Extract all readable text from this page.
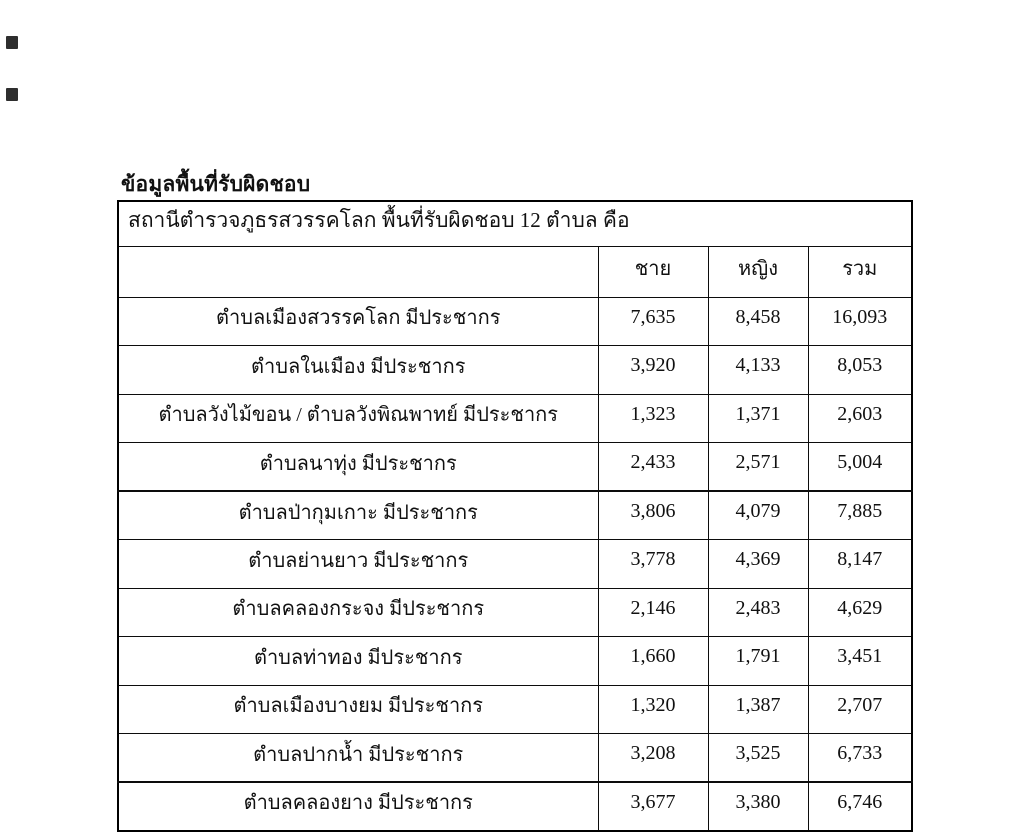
ข้อมูลพื้นที่รับผิดชอบ
สถานีตำรวจภูธรสวรรคโลก พื้นที่รับผิดชอบ 12 ตำบล คือ			
	ชาย	หญิง	รวม
ตำบลเมืองสวรรคโลก มีประชากร	7,635	8,458	16,093
ตำบลในเมือง มีประชากร	3,920	4,133	8,053
ตำบลวังไม้ขอน / ตำบลวังพิณพาทย์ มีประชากร	1,323	1,371	2,603
ตำบลนาทุ่ง มีประชากร	2,433	2,571	5,004
ตำบลป่ากุมเกาะ มีประชากร	3,806	4,079	7,885
ตำบลย่านยาว มีประชากร	3,778	4,369	8,147
ตำบลคลองกระจง มีประชากร	2,146	2,483	4,629
ตำบลท่าทอง มีประชากร	1,660	1,791	3,451
ตำบลเมืองบางยม มีประชากร	1,320	1,387	2,707
ตำบลปากน้ำ มีประชากร	3,208	3,525	6,733
ตำบลคลองยาง มีประชากร	3,677	3,380	6,746
